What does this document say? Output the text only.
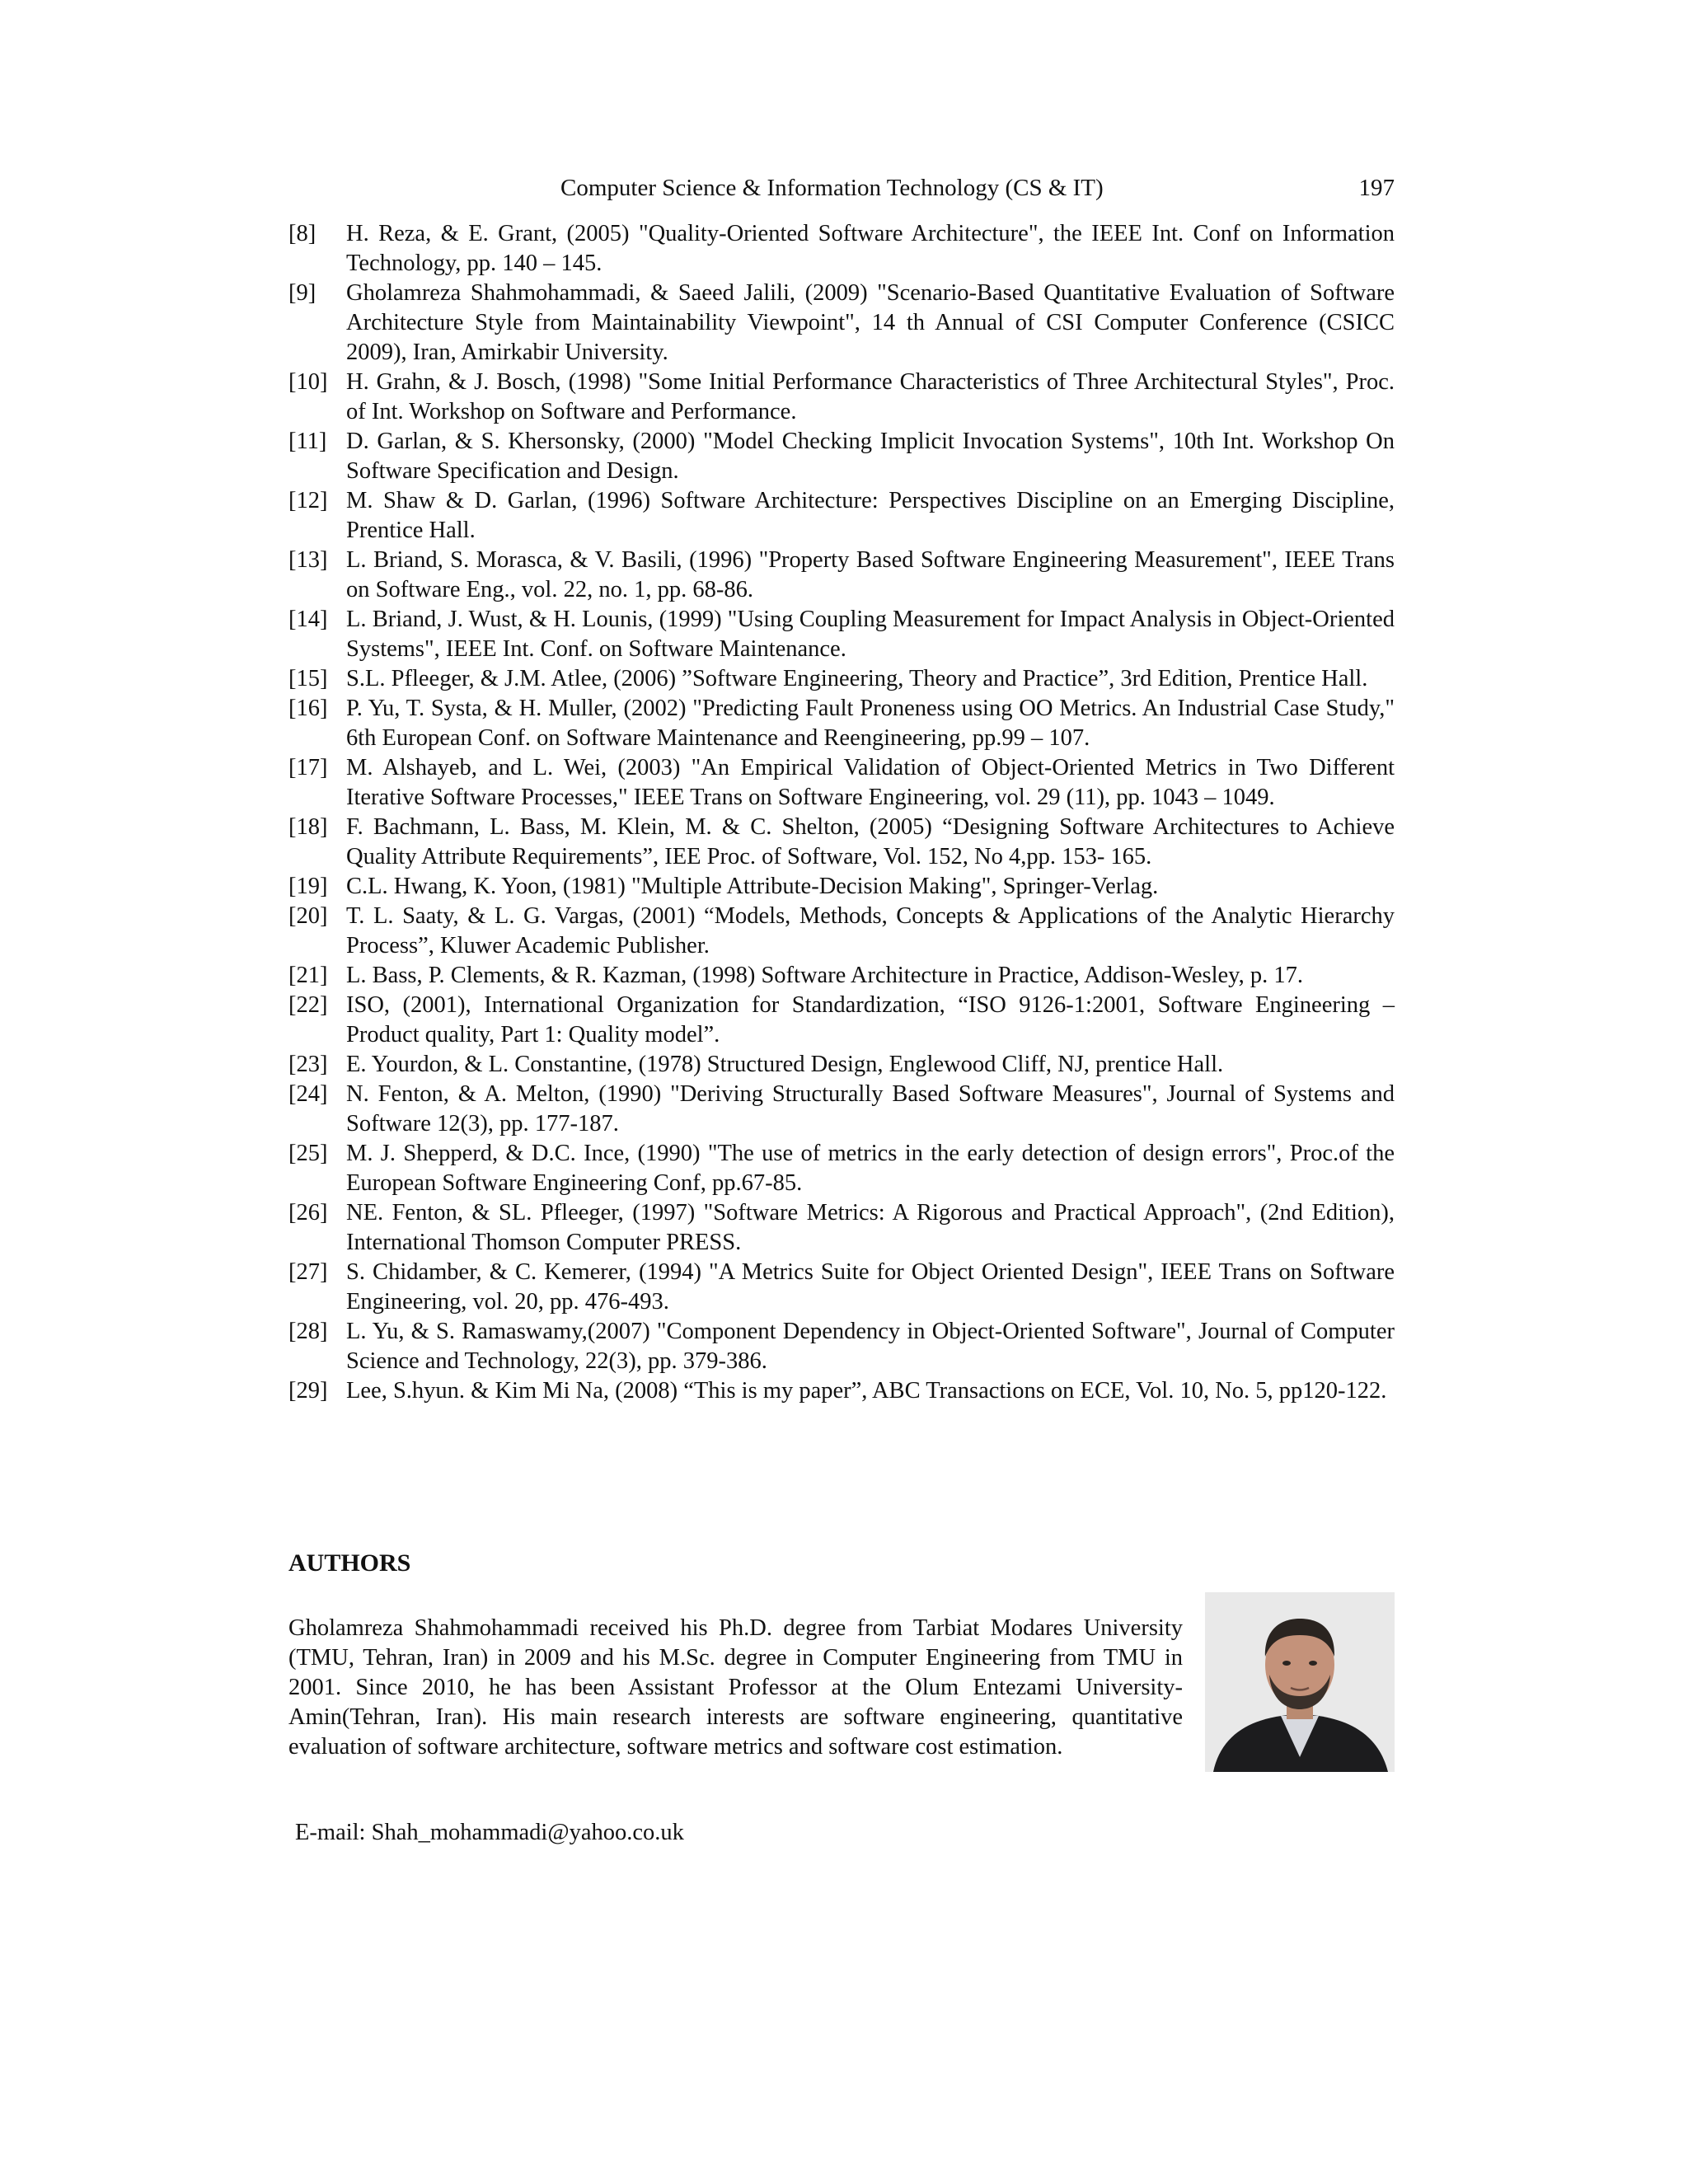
Computer Science & Information Technology (CS & IT)	197
[8]	H. Reza, & E. Grant, (2005) "Quality-Oriented Software Architecture", the IEEE Int. Conf on Information Technology, pp. 140 – 145.
[9]	Gholamreza Shahmohammadi, & Saeed Jalili, (2009) "Scenario-Based Quantitative Evaluation of Software Architecture Style from Maintainability Viewpoint", 14 th Annual of CSI Computer Conference (CSICC 2009), Iran, Amirkabir University.
[10] H. Grahn, & J. Bosch, (1998) "Some Initial Performance Characteristics of Three Architectural Styles", Proc. of Int. Workshop on Software and Performance.
[11] D. Garlan, & S. Khersonsky, (2000) "Model Checking Implicit Invocation Systems", 10th Int. Workshop On Software Specification and Design.
[12] M. Shaw & D. Garlan, (1996) Software Architecture: Perspectives Discipline on an Emerging Discipline, Prentice Hall.
[13] L. Briand, S. Morasca, & V. Basili, (1996) "Property Based Software Engineering Measurement", IEEE Trans on Software Eng., vol. 22, no. 1, pp. 68-86.
[14] L. Briand, J. Wust, & H. Lounis, (1999) "Using Coupling Measurement for Impact Analysis in Object-Oriented Systems", IEEE Int. Conf. on Software Maintenance.
[15] S.L. Pfleeger, & J.M. Atlee, (2006) ”Software Engineering, Theory and Practice”, 3rd Edition, Prentice Hall.
[16] P. Yu, T. Systa, & H. Muller, (2002) "Predicting Fault Proneness using OO Metrics. An Industrial Case Study," 6th European Conf. on Software Maintenance and Reengineering, pp.99 – 107.
[17] M. Alshayeb, and L. Wei, (2003) "An Empirical Validation of Object-Oriented Metrics in Two Different Iterative Software Processes," IEEE Trans on Software Engineering, vol. 29 (11), pp. 1043 – 1049.
[18] F. Bachmann, L. Bass, M. Klein, M. & C. Shelton, (2005) “Designing Software Architectures to Achieve Quality Attribute Requirements”, IEE Proc. of Software, Vol. 152, No 4,pp. 153- 165.
[19] C.L. Hwang, K. Yoon, (1981) "Multiple Attribute-Decision Making", Springer-Verlag.
[20] T. L. Saaty, & L. G. Vargas, (2001) “Models, Methods, Concepts & Applications of the Analytic Hierarchy Process”, Kluwer Academic Publisher.
[21] L. Bass, P. Clements, & R. Kazman, (1998) Software Architecture in Practice, Addison-Wesley, p. 17.
[22] ISO, (2001), International Organization for Standardization, “ISO 9126-1:2001, Software Engineering – Product quality, Part 1: Quality model”.
[23] E. Yourdon, & L. Constantine, (1978) Structured Design, Englewood Cliff, NJ, prentice Hall.
[24] N. Fenton, & A. Melton, (1990) "Deriving Structurally Based Software Measures", Journal of Systems and Software 12(3), pp. 177-187.
[25] M. J. Shepperd, & D.C. Ince, (1990) "The use of metrics in the early detection of design errors", Proc.of the European Software Engineering Conf, pp.67-85.
[26] NE. Fenton, & SL. Pfleeger, (1997) "Software Metrics: A Rigorous and Practical Approach", (2nd Edition), International Thomson Computer PRESS.
[27] S. Chidamber, & C. Kemerer, (1994) "A Metrics Suite for Object Oriented Design", IEEE Trans on Software Engineering, vol. 20, pp. 476-493.
[28] L. Yu, & S. Ramaswamy,(2007) "Component Dependency in Object-Oriented Software", Journal of Computer Science and Technology, 22(3), pp. 379-386.
[29] Lee, S.hyun. & Kim Mi Na, (2008) “This is my paper”, ABC Transactions on ECE, Vol. 10, No. 5, pp120-122.
AUTHORS

Gholamreza Shahmohammadi received his Ph.D. degree from Tarbiat Modares University (TMU, Tehran, Iran) in 2009 and his M.Sc. degree in Computer Engineering from TMU in 2001. Since 2010, he has been Assistant Professor at the Olum Entezami University-Amin(Tehran, Iran). His main research interests are software engineering, quantitative evaluation of software architecture, software metrics and software cost estimation.

E-mail: Shah_mohammadi@yahoo.co.uk
